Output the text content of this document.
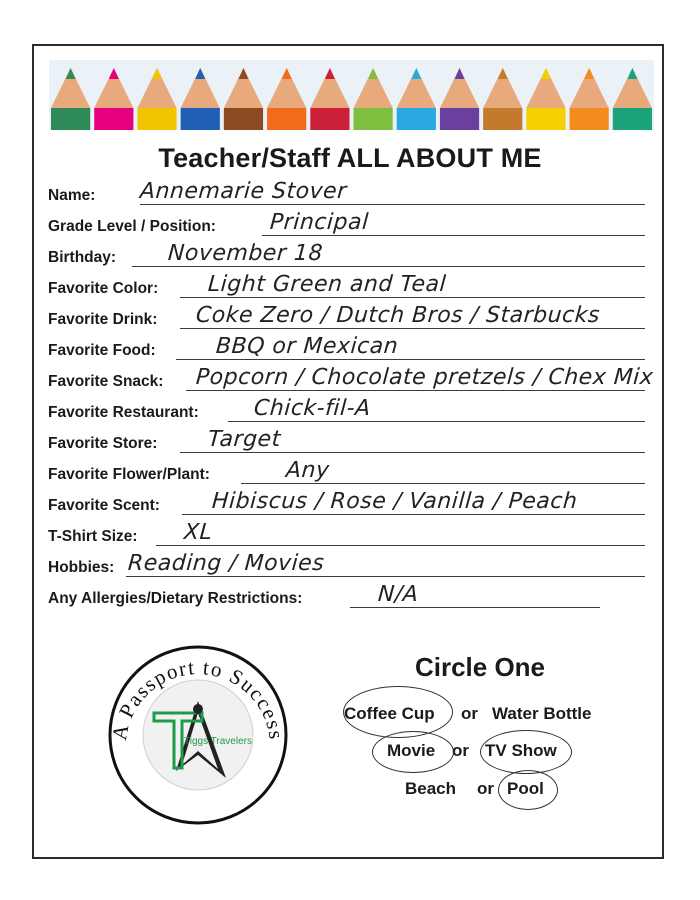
Teacher/Staff ALL ABOUT ME
Name: Annemarie Stover
Grade Level / Position: Principal
Birthday: November 18
Favorite Color: Light Green and Teal
Favorite Drink: Coke Zero / Dutch Bros / Starbucks
Favorite Food:	BBQ or Mexican
Favorite Snack: Popcorn / Chocolate pretzels / Chex Mix
Favorite Restaurant: Chick-fil-A
Favorite Store: Target
Favorite Flower/Plant:	Any
Favorite Scent: Hibiscus / Rose / Vanilla / Peach
T-Shirt Size: XL
Hobbies: Reading / Movies
Any Allergies/Dietary Restrictions:	N/A
A Passport to Success
Tiggs Travelers
Circle One
Coffee Cup or Water Bottle
Movie or TV Show
Beach or Pool
